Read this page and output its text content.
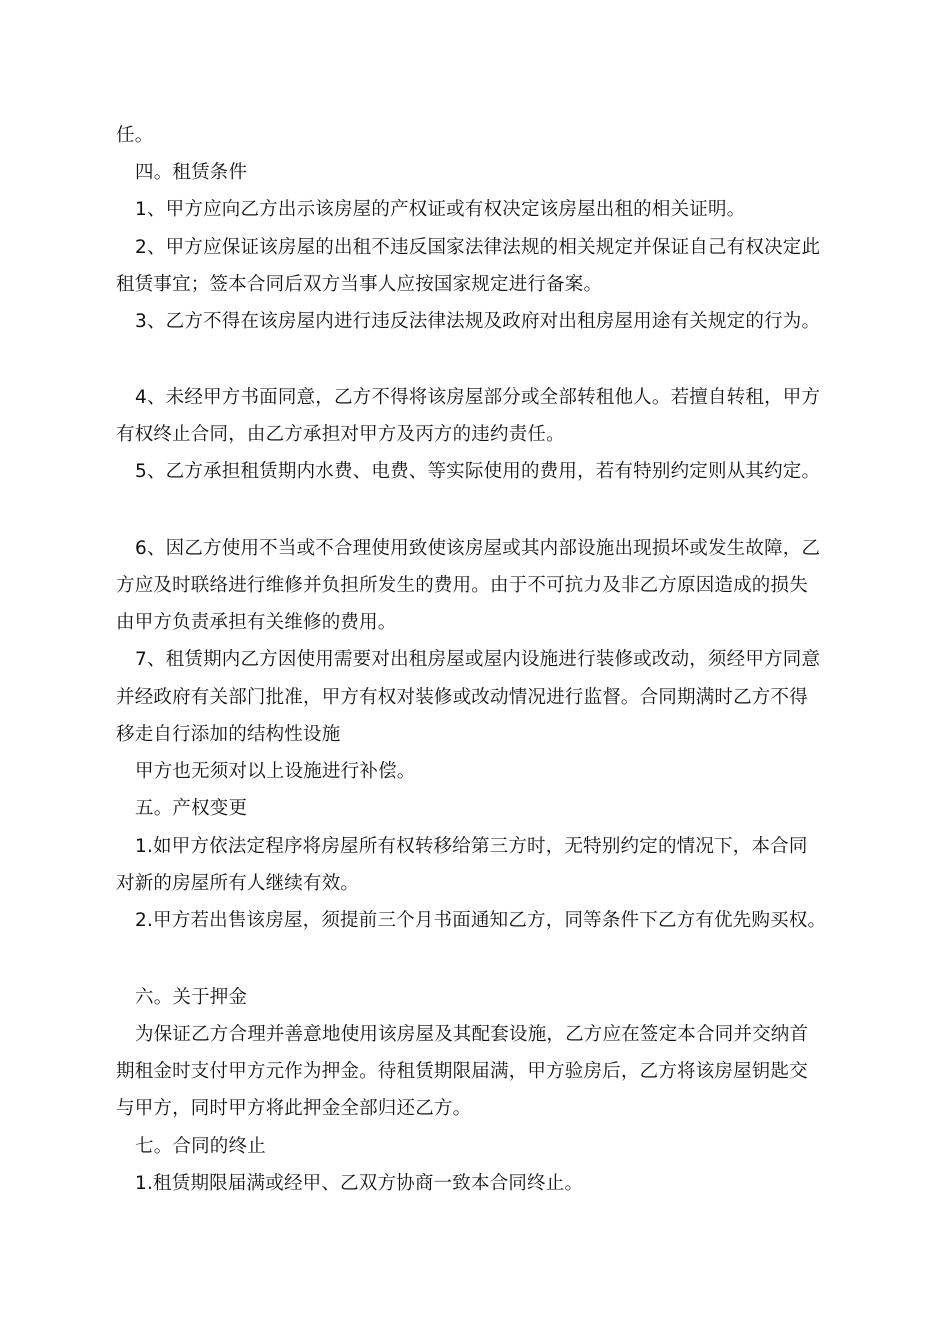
任。
四。租赁条件
1、甲方应向乙方出示该房屋的产权证或有权决定该房屋出租的相关证明。
2、甲方应保证该房屋的出租不违反国家法律法规的相关规定并保证自己有权决定此
租赁事宜；签本合同后双方当事人应按国家规定进行备案。
3、乙方不得在该房屋内进行违反法律法规及政府对出租房屋用途有关规定的行为。
4、未经甲方书面同意，乙方不得将该房屋部分或全部转租他人。若擅自转租，甲方
有权终止合同，由乙方承担对甲方及丙方的违约责任。
5、乙方承担租赁期内水费、电费、等实际使用的费用，若有特别约定则从其约定。
6、因乙方使用不当或不合理使用致使该房屋或其内部设施出现损坏或发生故障，乙
方应及时联络进行维修并负担所发生的费用。由于不可抗力及非乙方原因造成的损失
由甲方负责承担有关维修的费用。
7、租赁期内乙方因使用需要对出租房屋或屋内设施进行装修或改动，须经甲方同意
并经政府有关部门批准，甲方有权对装修或改动情况进行监督。合同期满时乙方不得
移走自行添加的结构性设施
甲方也无须对以上设施进行补偿。
五。产权变更
1.如甲方依法定程序将房屋所有权转移给第三方时，无特别约定的情况下，本合同
对新的房屋所有人继续有效。
2.甲方若出售该房屋，须提前三个月书面通知乙方，同等条件下乙方有优先购买权。
六。关于押金
为保证乙方合理并善意地使用该房屋及其配套设施，乙方应在签定本合同并交纳首
期租金时支付甲方元作为押金。待租赁期限届满，甲方验房后，乙方将该房屋钥匙交
与甲方，同时甲方将此押金全部归还乙方。
七。合同的终止
1.租赁期限届满或经甲、乙双方协商一致本合同终止。
